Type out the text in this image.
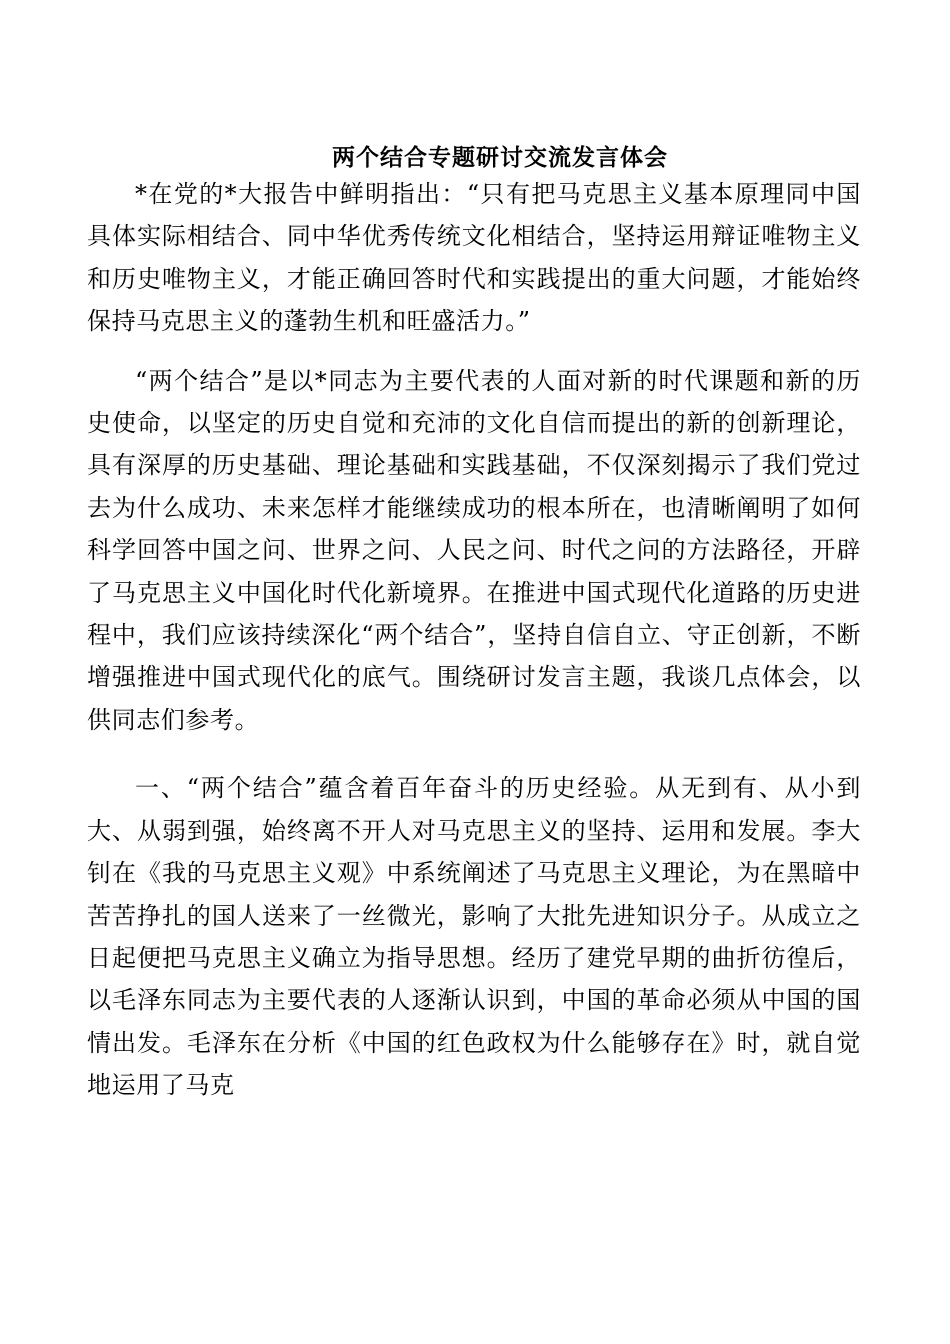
两个结合专题研讨交流发言体会

*在党的*大报告中鲜明指出：“只有把马克思主义基本原理同中国具体实际相结合、同中华优秀传统文化相结合，坚持运用辩证唯物主义和历史唯物主义，才能正确回答时代和实践提出的重大问题，才能始终保持马克思主义的蓬勃生机和旺盛活力。”

“两个结合”是以*同志为主要代表的人面对新的时代课题和新的历史使命，以坚定的历史自觉和充沛的文化自信而提出的新的创新理论，具有深厚的历史基础、理论基础和实践基础，不仅深刻揭示了我们党过去为什么成功、未来怎样才能继续成功的根本所在，也清晰阐明了如何科学回答中国之问、世界之问、人民之问、时代之问的方法路径，开辟了马克思主义中国化时代化新境界。在推进中国式现代化道路的历史进程中，我们应该持续深化“两个结合”，坚持自信自立、守正创新，不断增强推进中国式现代化的底气。围绕研讨发言主题，我谈几点体会，以供同志们参考。

一、“两个结合”蕴含着百年奋斗的历史经验。从无到有、从小到大、从弱到强，始终离不开人对马克思主义的坚持、运用和发展。李大钊在《我的马克思主义观》中系统阐述了马克思主义理论，为在黑暗中苦苦挣扎的国人送来了一丝微光，影响了大批先进知识分子。从成立之日起便把马克思主义确立为指导思想。经历了建党早期的曲折彷徨后，以毛泽东同志为主要代表的人逐渐认识到，中国的革命必须从中国的国情出发。毛泽东在分析《中国的红色政权为什么能够存在》时，就自觉地运用了马克
